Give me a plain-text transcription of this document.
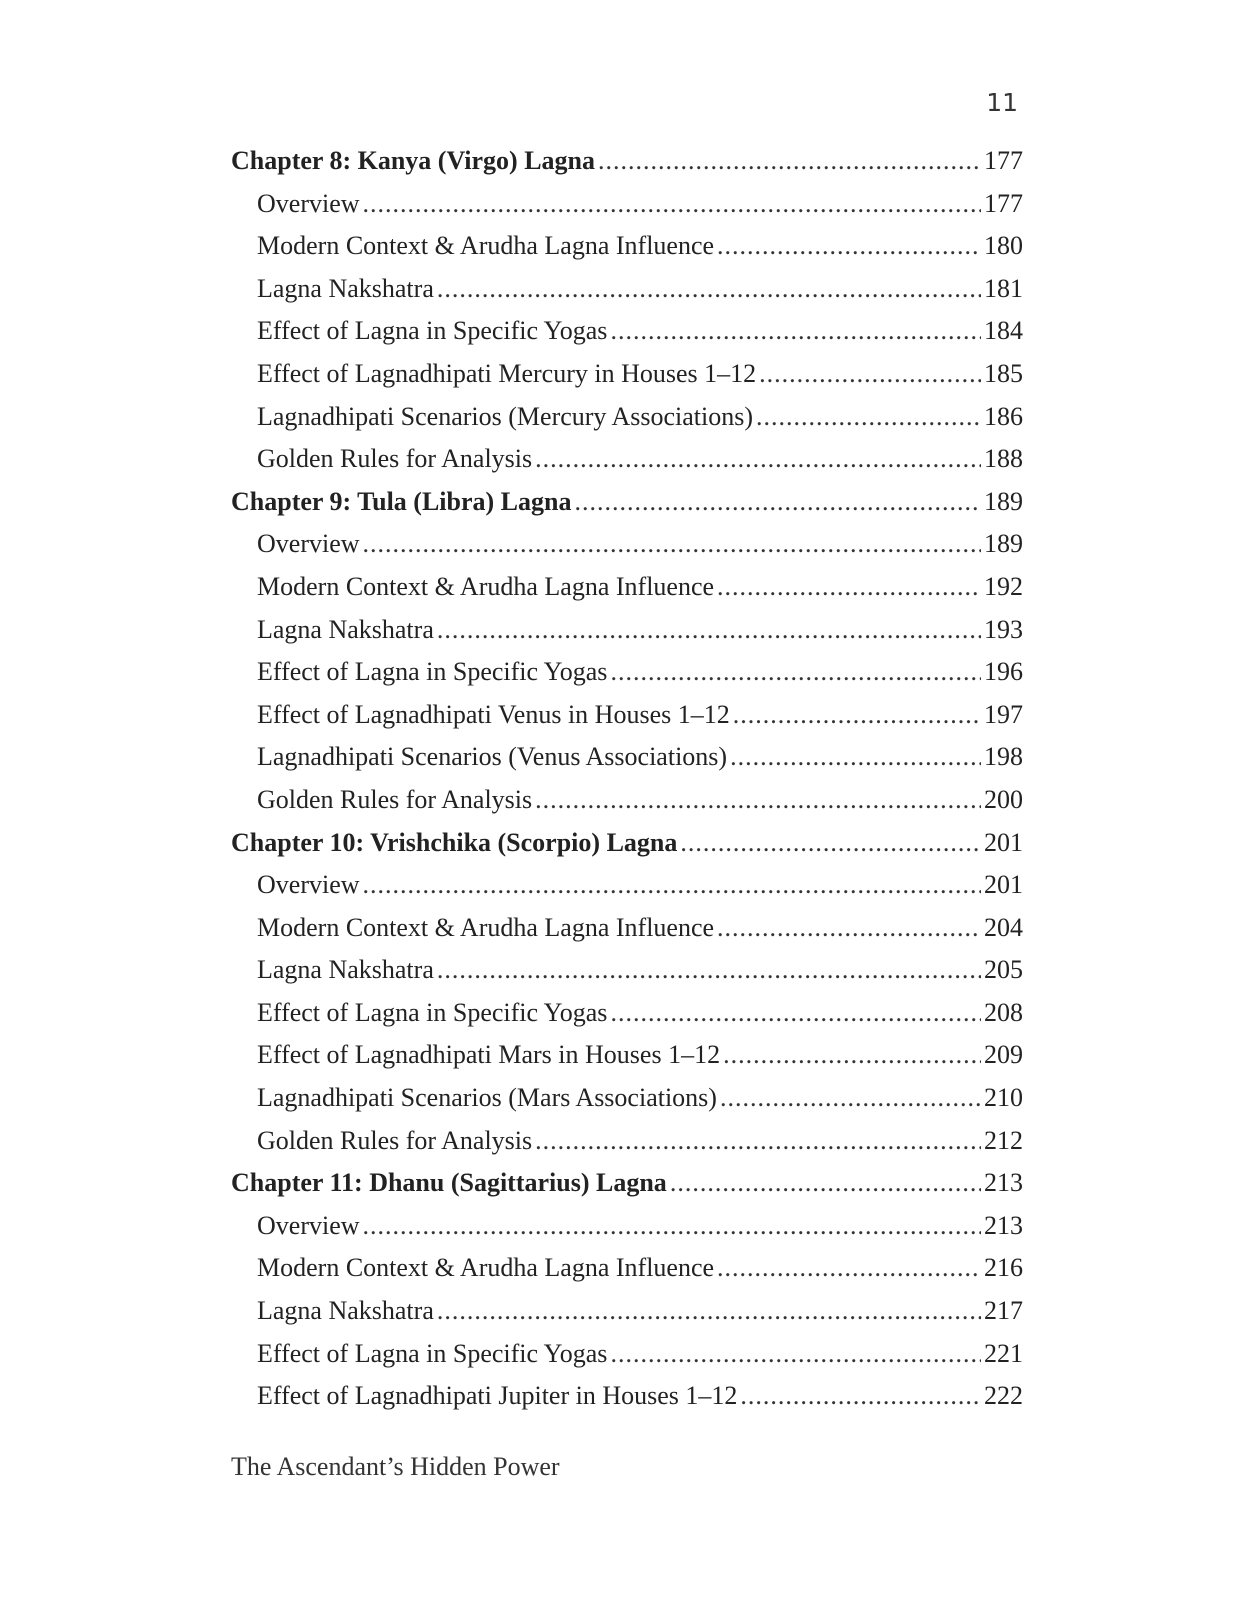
11
Chapter 8: Kanya (Virgo) Lagna .....	177
Overview .....	177
Modern Context & Arudha Lagna Influence .....	180
Lagna Nakshatra .....	181
Effect of Lagna in Specific Yogas .....	184
Effect of Lagnadhipati Mercury in Houses 1–12 .....	185
Lagnadhipati Scenarios (Mercury Associations) .....	186
Golden Rules for Analysis .....	188
Chapter 9: Tula (Libra) Lagna .....	189
Overview .....	189
Modern Context & Arudha Lagna Influence .....	192
Lagna Nakshatra .....	193
Effect of Lagna in Specific Yogas .....	196
Effect of Lagnadhipati Venus in Houses 1–12 .....	197
Lagnadhipati Scenarios (Venus Associations) .....	198
Golden Rules for Analysis .....	200
Chapter 10: Vrishchika (Scorpio) Lagna .....	201
Overview .....	201
Modern Context & Arudha Lagna Influence .....	204
Lagna Nakshatra .....	205
Effect of Lagna in Specific Yogas .....	208
Effect of Lagnadhipati Mars in Houses 1–12 .....	209
Lagnadhipati Scenarios (Mars Associations) .....	210
Golden Rules for Analysis .....	212
Chapter 11: Dhanu (Sagittarius) Lagna .....	213
Overview .....	213
Modern Context & Arudha Lagna Influence .....	216
Lagna Nakshatra .....	217
Effect of Lagna in Specific Yogas .....	221
Effect of Lagnadhipati Jupiter in Houses 1–12 .....	222
The Ascendant’s Hidden Power
